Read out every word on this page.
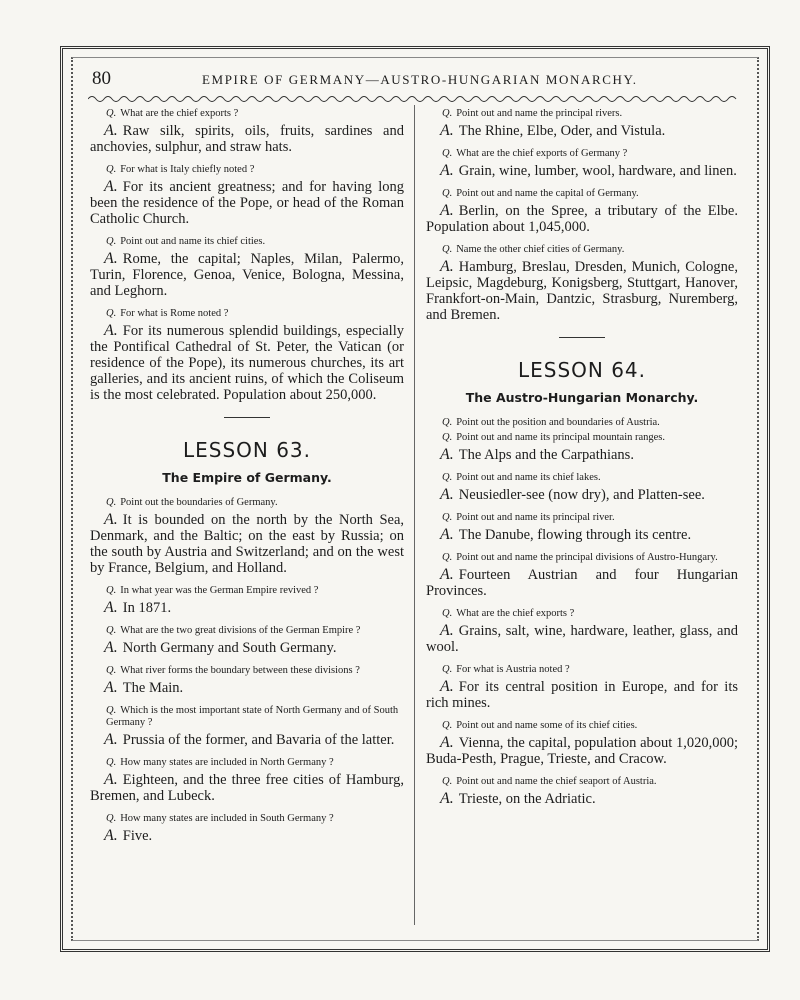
80	EMPIRE OF GERMANY—AUSTRO-HUNGARIAN MONARCHY.

Q. What are the chief exports ?

A. Raw silk, spirits, oils, fruits, sardines and anchovies, sulphur, and straw hats.

Q. For what is Italy chiefly noted ?

A. For its ancient greatness; and for having long been the residence of the Pope, or head of the Roman Catholic Church.

Q. Point out and name its chief cities.

A. Rome, the capital; Naples, Milan, Palermo, Turin, Florence, Genoa, Venice, Bologna, Messina, and Leghorn.

Q. For what is Rome noted ?

A. For its numerous splendid buildings, especially the Pontifical Cathedral of St. Peter, the Vatican (or residence of the Pope), its numerous churches, its art galleries, and its ancient ruins, of which the Coliseum is the most celebrated. Population about 250,000.

LESSON 63.
The Empire of Germany.

Q. Point out the boundaries of Germany.

A. It is bounded on the north by the North Sea, Denmark, and the Baltic; on the east by Russia; on the south by Austria and Switzerland; and on the west by France, Belgium, and Holland.

Q. In what year was the German Empire revived ?

A. In 1871.

Q. What are the two great divisions of the German Empire ?

A. North Germany and South Germany.

Q. What river forms the boundary between these divisions ?

A. The Main.

Q. Which is the most important state of North Germany and of South Germany ?

A. Prussia of the former, and Bavaria of the latter.

Q. How many states are included in North Germany ?

A. Eighteen, and the three free cities of Hamburg, Bremen, and Lubeck.

Q. How many states are included in South Germany ?

A. Five.

Q. Point out and name the principal rivers.

A. The Rhine, Elbe, Oder, and Vistula.

Q. What are the chief exports of Germany ?

A. Grain, wine, lumber, wool, hardware, and linen.

Q. Point out and name the capital of Germany.

A. Berlin, on the Spree, a tributary of the Elbe. Population about 1,045,000.

Q. Name the other chief cities of Germany.

A. Hamburg, Breslau, Dresden, Munich, Cologne, Leipsic, Magdeburg, Konigsberg, Stuttgart, Hanover, Frankfort-on-Main, Dantzic, Strasburg, Nuremberg, and Bremen.

LESSON 64.
The Austro-Hungarian Monarchy.

Q. Point out the position and boundaries of Austria.

Q. Point out and name its principal mountain ranges.

A. The Alps and the Carpathians.

Q. Point out and name its chief lakes.

A. Neusiedler-see (now dry), and Platten-see.

Q. Point out and name its principal river.

A. The Danube, flowing through its centre.

Q. Point out and name the principal divisions of Austro-Hungary.

A. Fourteen Austrian and four Hungarian Provinces.

Q. What are the chief exports ?

A. Grains, salt, wine, hardware, leather, glass, and wool.

Q. For what is Austria noted ?

A. For its central position in Europe, and for its rich mines.

Q. Point out and name some of its chief cities.

A. Vienna, the capital, population about 1,020,000; Buda-Pesth, Prague, Trieste, and Cracow.

Q. Point out and name the chief seaport of Austria.

A. Trieste, on the Adriatic.
